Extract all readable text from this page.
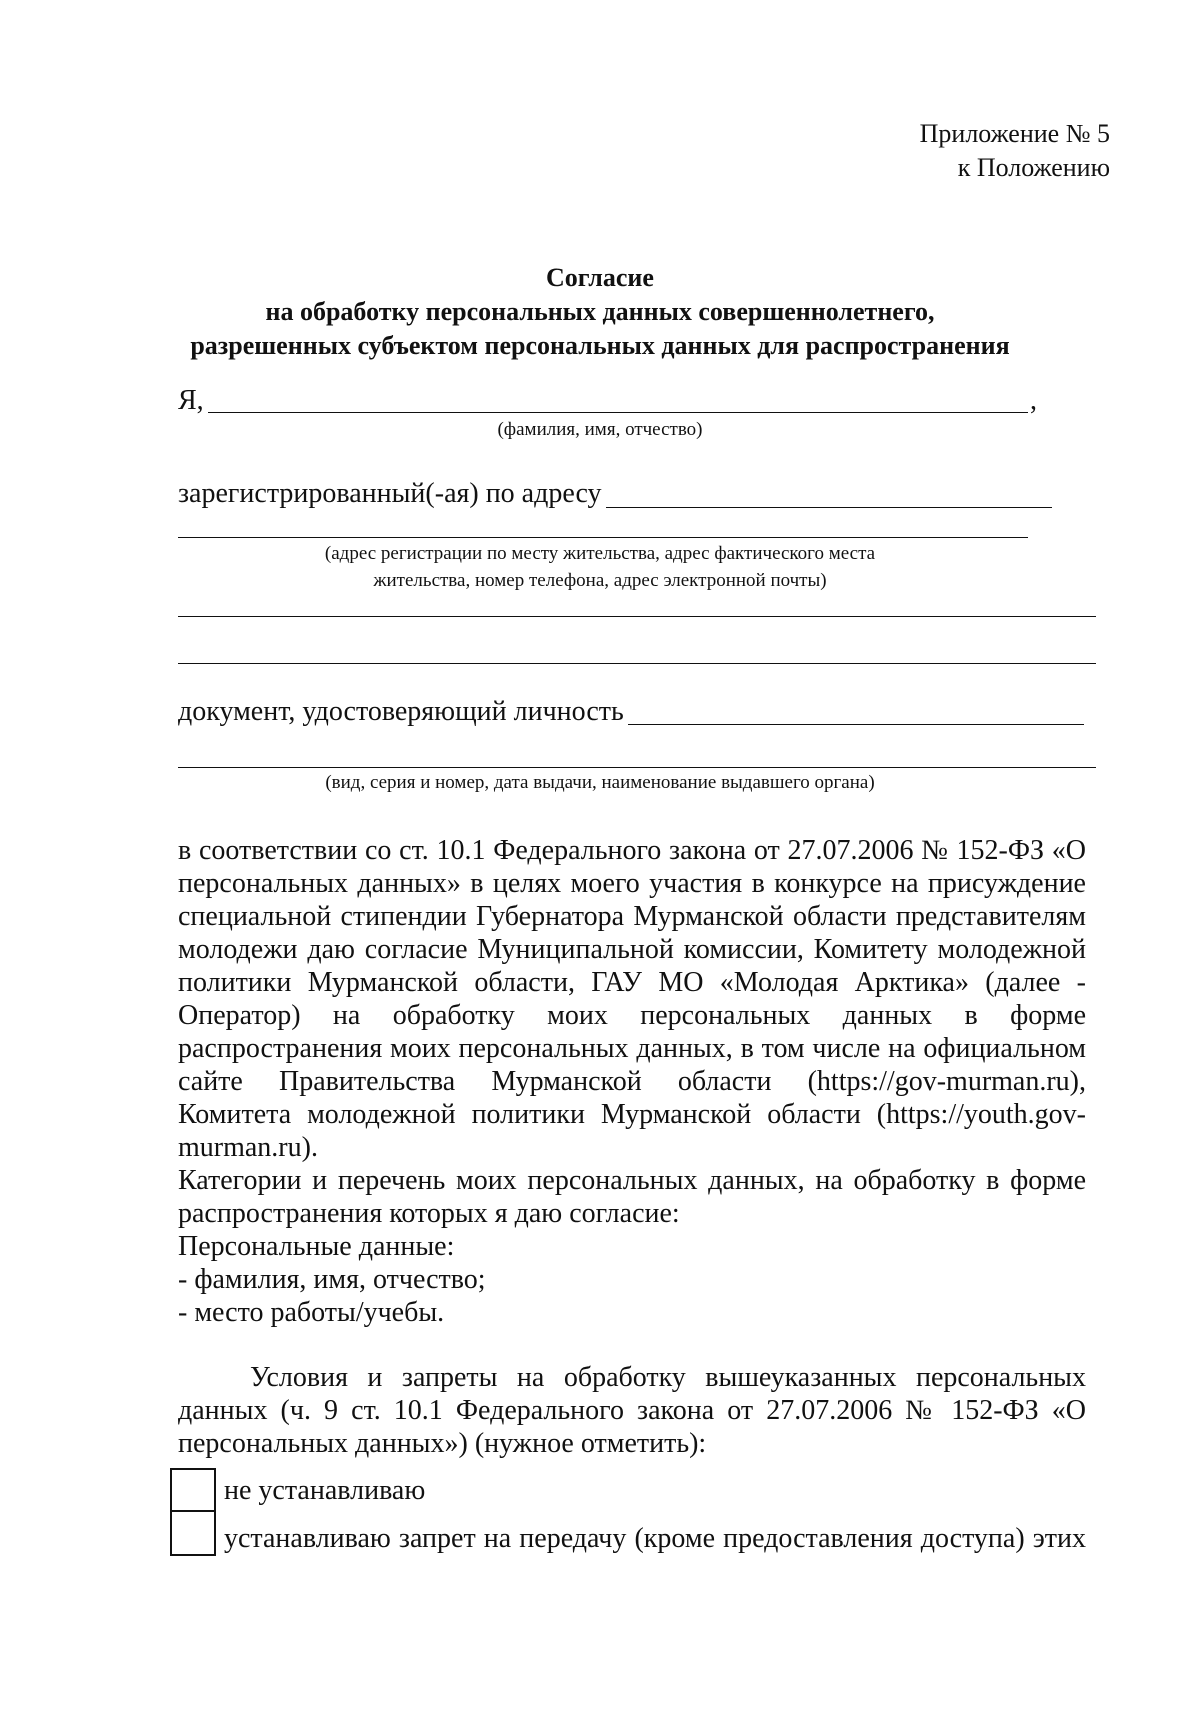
Приложение № 5
к Положению
Согласие
на обработку персональных данных совершеннолетнего,
разрешенных субъектом персональных данных для распространения
Я,	,
(фамилия, имя, отчество)
зарегистрированный(-ая) по адресу
(адрес регистрации по месту жительства, адрес фактического места
жительства, номер телефона, адрес электронной почты)
документ, удостоверяющий личность
(вид, серия и номер, дата выдачи, наименование выдавшего органа)
в соответствии со ст. 10.1 Федерального закона от 27.07.2006 № 152-ФЗ «О
персональных данных» в целях моего участия в конкурсе на присуждение
специальной стипендии Губернатора Мурманской области представителям
молодежи даю согласие Муниципальной комиссии, Комитету молодежной
политики Мурманской области, ГАУ МО «Молодая Арктика» (далее -
Оператор) на обработку моих персональных данных в форме
распространения моих персональных данных, в том числе на официальном
сайте Правительства Мурманской области (https://gov-murman.ru),
Комитета молодежной политики Мурманской области (https://youth.gov-
murman.ru).
Категории и перечень моих персональных данных, на обработку в форме
распространения которых я даю согласие:
Персональные данные:
- фамилия, имя, отчество;
- место работы/учебы.
Условия и запреты на обработку вышеуказанных персональных
данных (ч. 9 ст. 10.1 Федерального закона от 27.07.2006 № 152-ФЗ «О
персональных данных») (нужное отметить):
не устанавливаю
устанавливаю запрет на передачу (кроме предоставления доступа) этих
